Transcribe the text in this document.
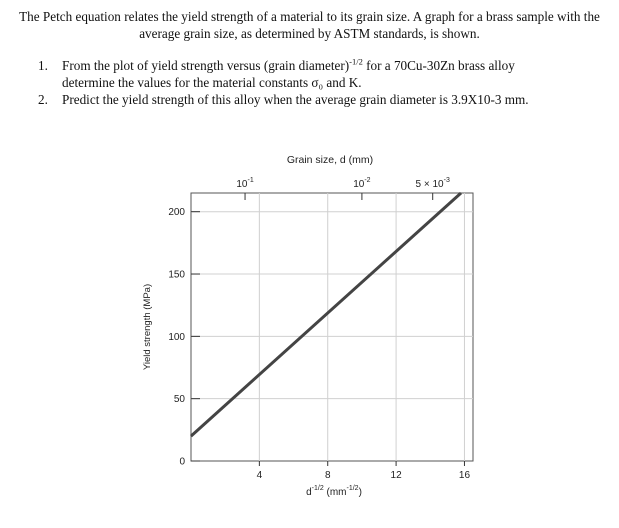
The Petch equation relates the yield strength of a material to its grain size. A graph for a brass sample with the average grain size, as determined by ASTM standards, is shown.
1. From the plot of yield strength versus (grain diameter)$^{-1/2}$ for a 70Cu-30Zn brass alloy
determine the values for the material constants σ₀ and K.
2. Predict the yield strength of this alloy when the average grain diameter is 3.9X10-3 mm.
4	8	12	16
0
50
100
150
200
$10^{-1}$	$10^{-2}$	$5 \times 10^{-3}$
Grain size, d (mm)
Yield strength (MPa)
$d^{-1/2}$ $(mm^{-1/2})$
